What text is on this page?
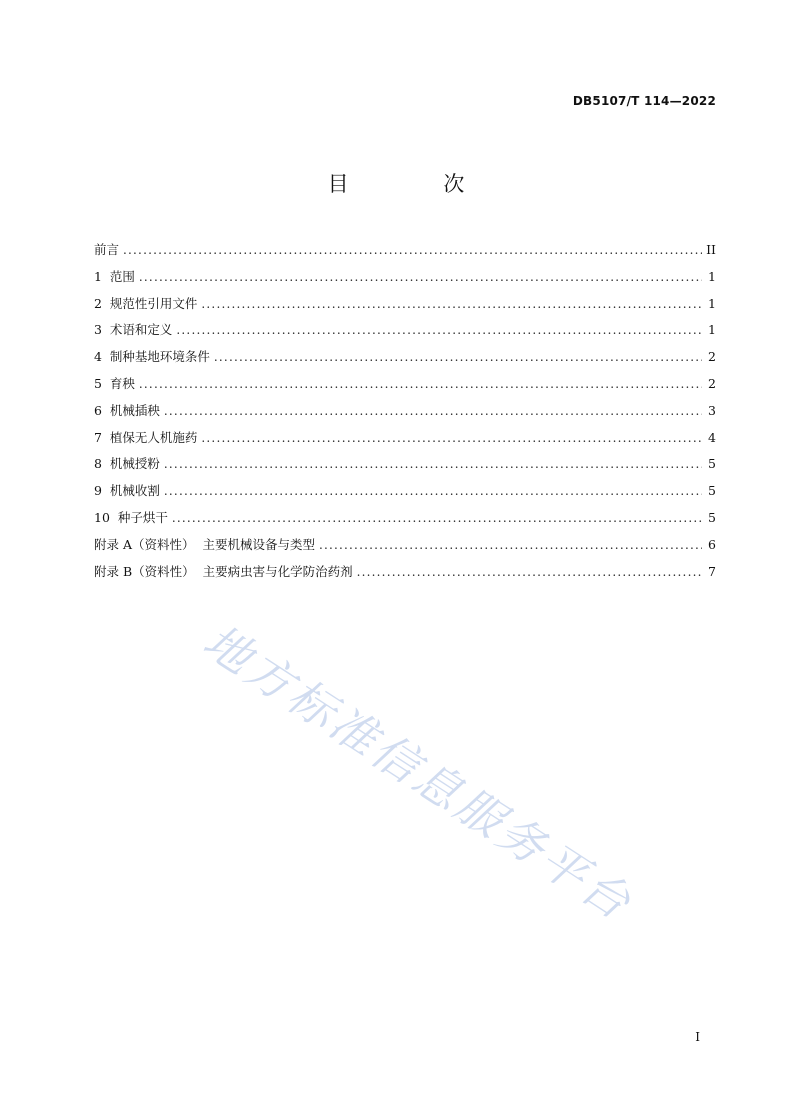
DB5107/T 114—2022
目 次
前言 .....	II
1  范围 .....	1
2  规范性引用文件 .....	1
3  术语和定义 .....	1
4  制种基地环境条件 .....	2
5  育秧 .....	2
6  机械插秧 .....	3
7  植保无人机施药 .....	4
8  机械授粉 .....	5
9  机械收割 .....	5
10  种子烘干 .....	5
附录 A（资料性）  主要机械设备与类型 .....	6
附录 B（资料性）  主要病虫害与化学防治药剂 .....	7
地方标准信息服务平台
I
